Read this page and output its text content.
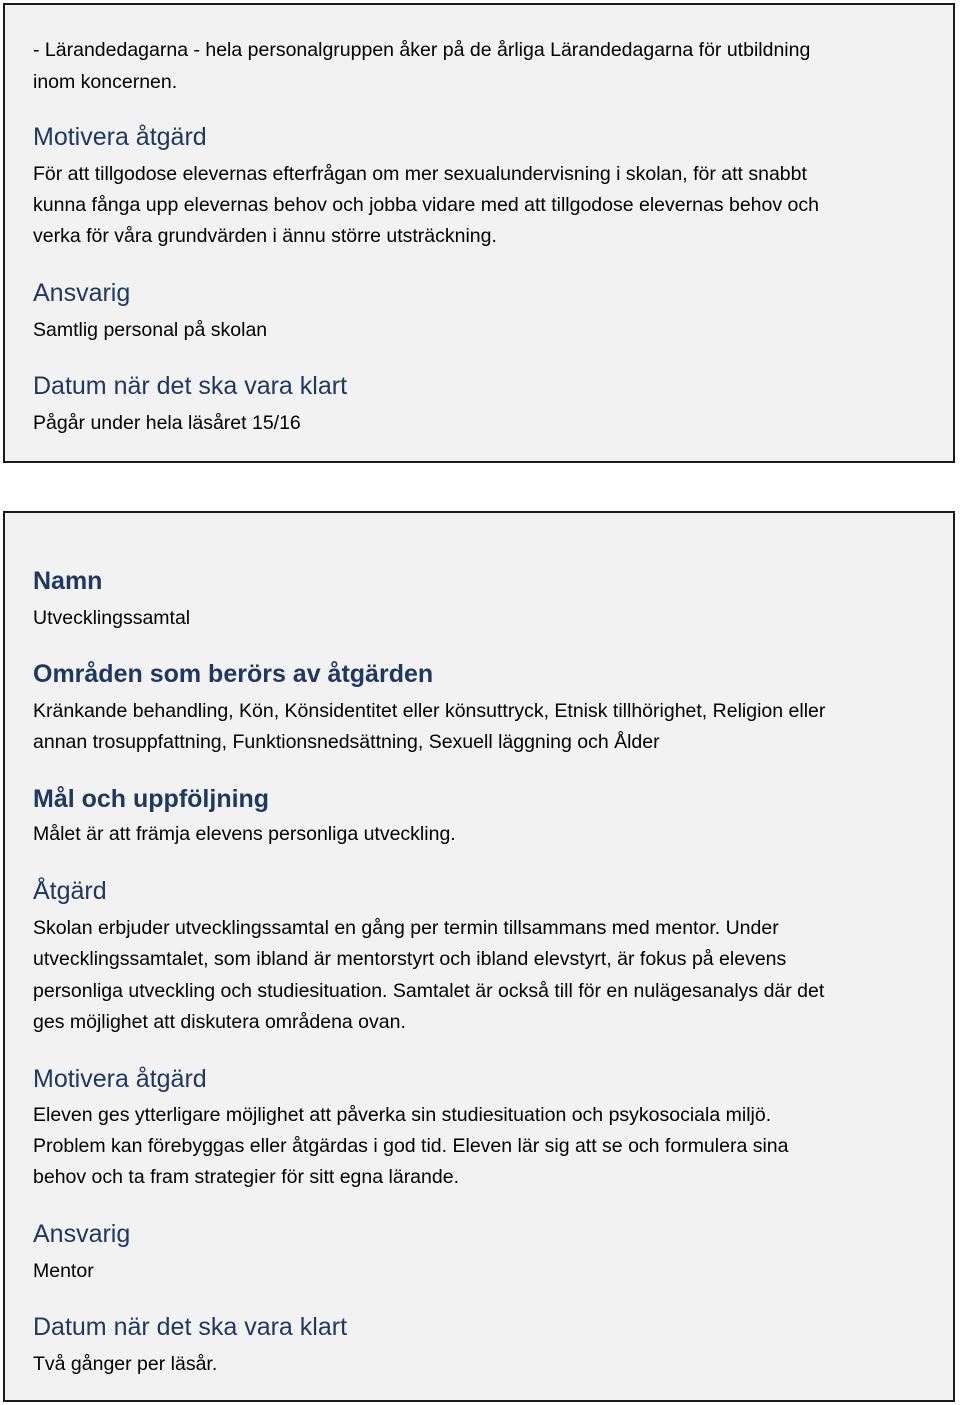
- Lärandedagarna - hela personalgruppen åker på de årliga Lärandedagarna för utbildning
inom koncernen.
Motivera åtgärd
För att tillgodose elevernas efterfrågan om mer sexualundervisning i skolan, för att snabbt
kunna fånga upp elevernas behov och jobba vidare med att tillgodose elevernas behov och
verka för våra grundvärden i ännu större utsträckning.
Ansvarig
Samtlig personal på skolan
Datum när det ska vara klart
Pågår under hela läsåret 15/16
Namn
Utvecklingssamtal
Områden som berörs av åtgärden
Kränkande behandling, Kön, Könsidentitet eller könsuttryck, Etnisk tillhörighet, Religion eller
annan trosuppfattning, Funktionsnedsättning, Sexuell läggning och Ålder
Mål och uppföljning
Målet är att främja elevens personliga utveckling.
Åtgärd
Skolan erbjuder utvecklingssamtal en gång per termin tillsammans med mentor. Under
utvecklingssamtalet, som ibland är mentorstyrt och ibland elevstyrt, är fokus på elevens
personliga utveckling och studiesituation. Samtalet är också till för en nulägesanalys där det
ges möjlighet att diskutera områdena ovan.
Motivera åtgärd
Eleven ges ytterligare möjlighet att påverka sin studiesituation och psykosociala miljö.
Problem kan förebyggas eller åtgärdas i god tid. Eleven lär sig att se och formulera sina
behov och ta fram strategier för sitt egna lärande.
Ansvarig
Mentor
Datum när det ska vara klart
Två gånger per läsår.
